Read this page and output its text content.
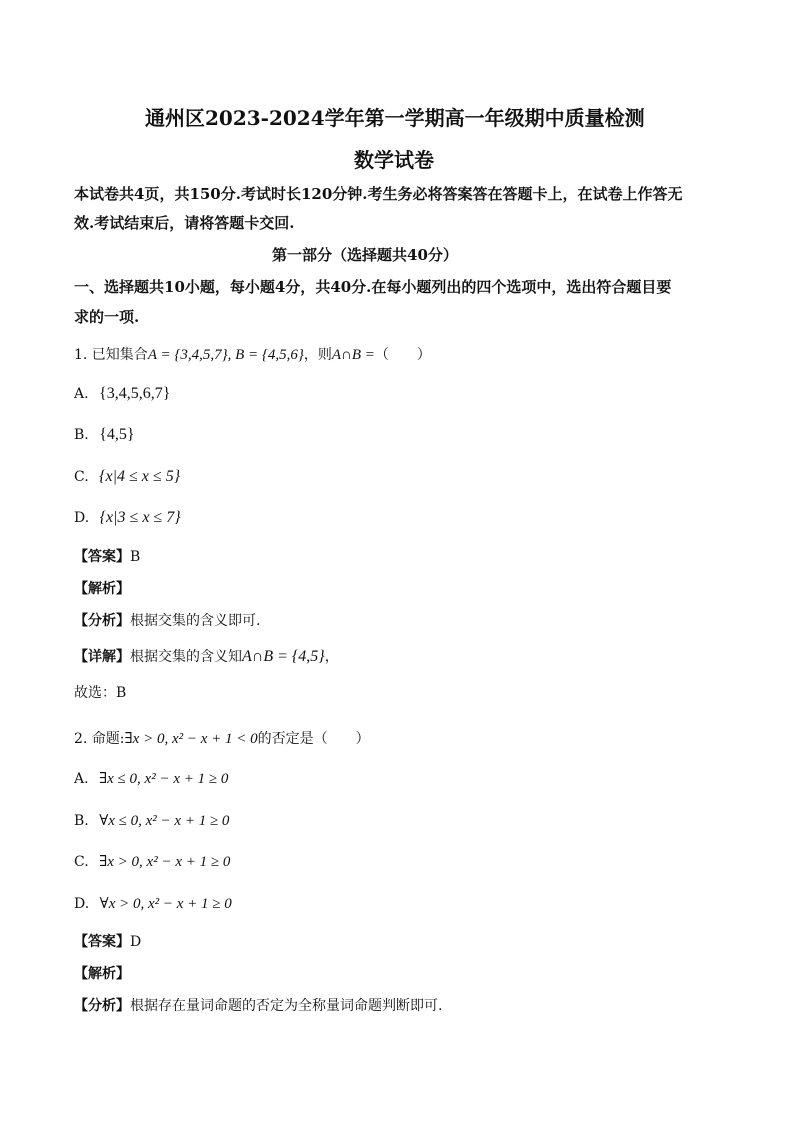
通州区2023-2024学年第一学期高一年级期中质量检测
数学试卷
本试卷共4页，共150分.考试时长120分钟.考生务必将答案答在答题卡上，在试卷上作答无
效.考试结束后，请将答题卡交回.
第一部分（选择题共40分）
一、选择题共10小题，每小题4分，共40分.在每小题列出的四个选项中，选出符合题目要
求的一项.
1. 已知集合A = {3,4,5,7}, B = {4,5,6}，则A∩B =（　　）
A. {3,4,5,6,7}
B. {4,5}
C. {x|4 ≤ x ≤ 5}
D. {x|3 ≤ x ≤ 7}
【答案】B
【解析】
【分析】根据交集的含义即可.
【详解】根据交集的含义知A∩B = {4,5}，
故选：B
2. 命题:∃x > 0, x² − x + 1 < 0的否定是（　　）
A. ∃x ≤ 0, x² − x + 1 ≥ 0
B. ∀x ≤ 0, x² − x + 1 ≥ 0
C. ∃x > 0, x² − x + 1 ≥ 0
D. ∀x > 0, x² − x + 1 ≥ 0
【答案】D
【解析】
【分析】根据存在量词命题的否定为全称量词命题判断即可.
